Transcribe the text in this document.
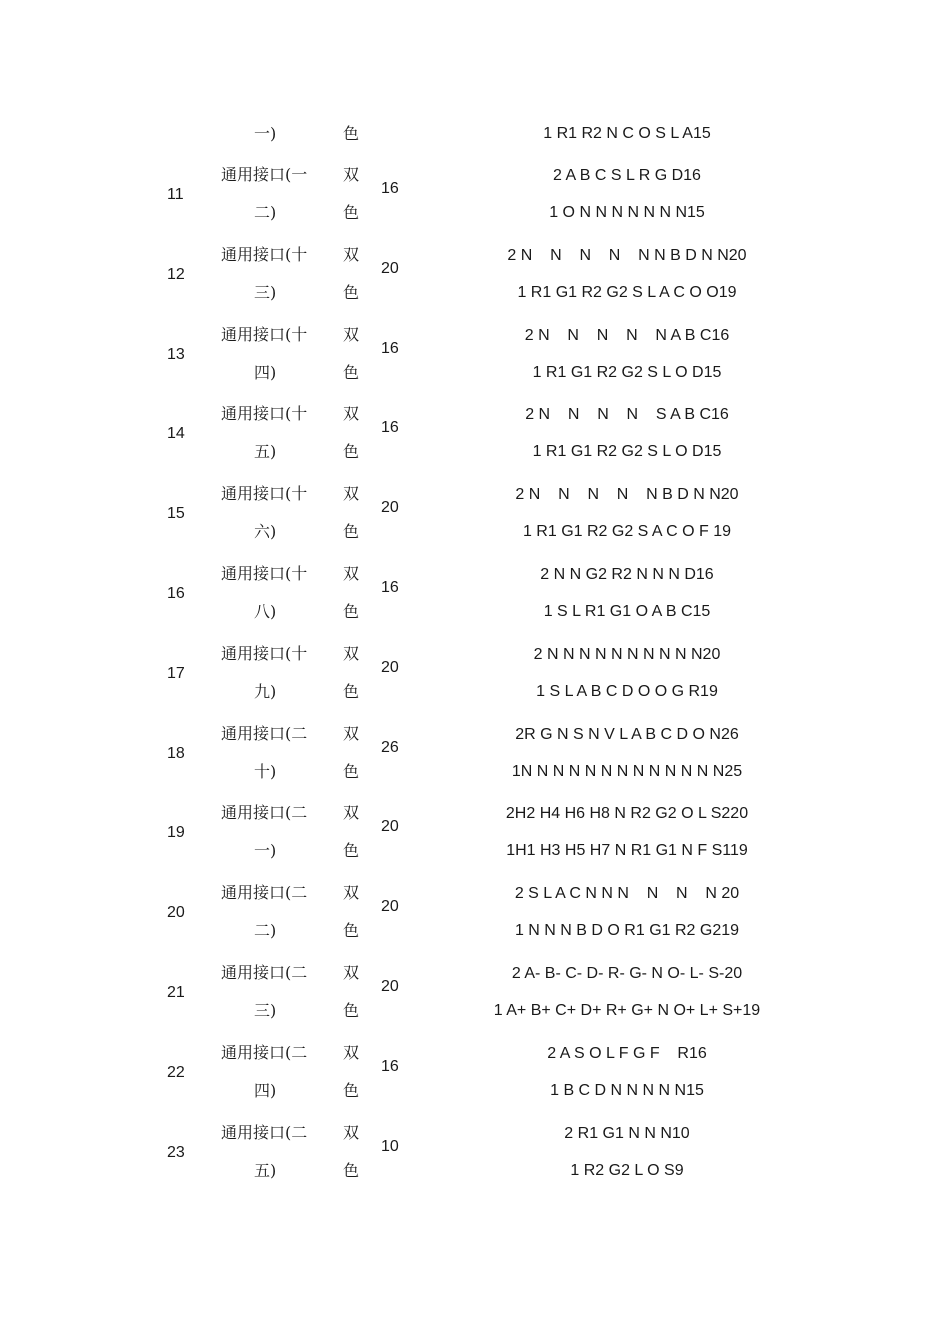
一)	色	1 R1 R2 N C O S L A15
11
通用接口(一
二)
双
色
16
2 A B C S L R G D16
1 O N N N N N N N15
12
通用接口(十
三)
双
色
20
2 N    N    N    N    N N B D N N20
1 R1 G1 R2 G2 S L A C O O19
13
通用接口(十
四)
双
色
16
2 N    N    N    N    N A B C16
1 R1 G1 R2 G2 S L O D15
14
通用接口(十
五)
双
色
16
2 N    N    N    N    S A B C16
1 R1 G1 R2 G2 S L O D15
15
通用接口(十
六)
双
色
20
2 N    N    N    N    N B D N N20
1 R1 G1 R2 G2 S A C O F 19
16
通用接口(十
八)
双
色
16
2 N N G2 R2 N N N D16
1 S L R1 G1 O A B C15
17
通用接口(十
九)
双
色
20
2 N N N N N N N N N N20
1 S L A B C D O O G R19
18
通用接口(二
十)
双
色
26
2R G N S N V L A B C D O N26
1N N N N N N N N N N N N N25
19
通用接口(二
一)
双
色
20
2H2 H4 H6 H8 N R2 G2 O L S220
1H1 H3 H5 H7 N R1 G1 N F S119
20
通用接口(二
二)
双
色
20
2 S L A C N N N    N    N    N 20
1 N N N B D O R1 G1 R2 G219
21
通用接口(二
三)
双
色
20
2 A- B- C- D- R- G- N O- L- S-20
1 A+ B+ C+ D+ R+ G+ N O+ L+ S+19
22
通用接口(二
四)
双
色
16
2 A S O L F G F    R16
1 B C D N N N N N15
23
通用接口(二
五)
双
色
10
2 R1 G1 N N N10
1 R2 G2 L O S9
